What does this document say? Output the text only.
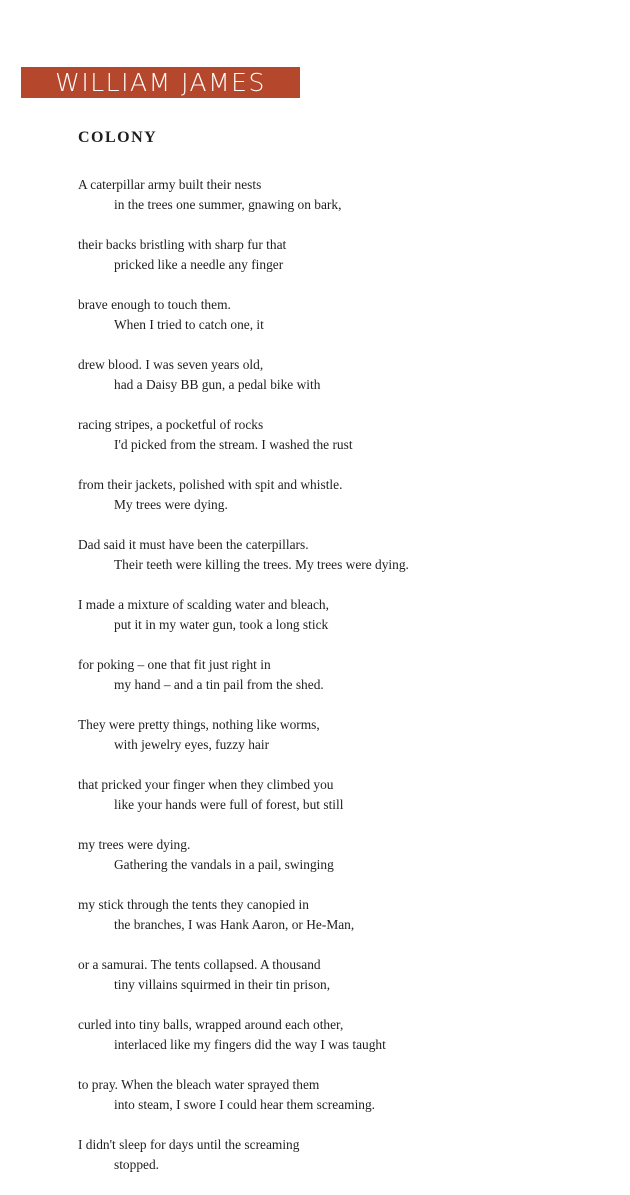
WILLIAM JAMES
COLONY

A caterpillar army built their nests
in the trees one summer, gnawing on bark,

their backs bristling with sharp fur that
pricked like a needle any finger

brave enough to touch them.
When I tried to catch one, it

drew blood. I was seven years old,
had a Daisy BB gun, a pedal bike with

racing stripes, a pocketful of rocks
I'd picked from the stream. I washed the rust

from their jackets, polished with spit and whistle.
My trees were dying.

Dad said it must have been the caterpillars.
Their teeth were killing the trees. My trees were dying.

I made a mixture of scalding water and bleach,
put it in my water gun, took a long stick

for poking – one that fit just right in
my hand – and a tin pail from the shed.

They were pretty things, nothing like worms,
with jewelry eyes, fuzzy hair

that pricked your finger when they climbed you
like your hands were full of forest, but still

my trees were dying.
Gathering the vandals in a pail, swinging

my stick through the tents they canopied in
the branches, I was Hank Aaron, or He-Man,

or a samurai. The tents collapsed. A thousand
tiny villains squirmed in their tin prison,

curled into tiny balls, wrapped around each other,
interlaced like my fingers did the way I was taught

to pray. When the bleach water sprayed them
into steam, I swore I could hear them screaming.

I didn't sleep for days until the screaming
stopped.
